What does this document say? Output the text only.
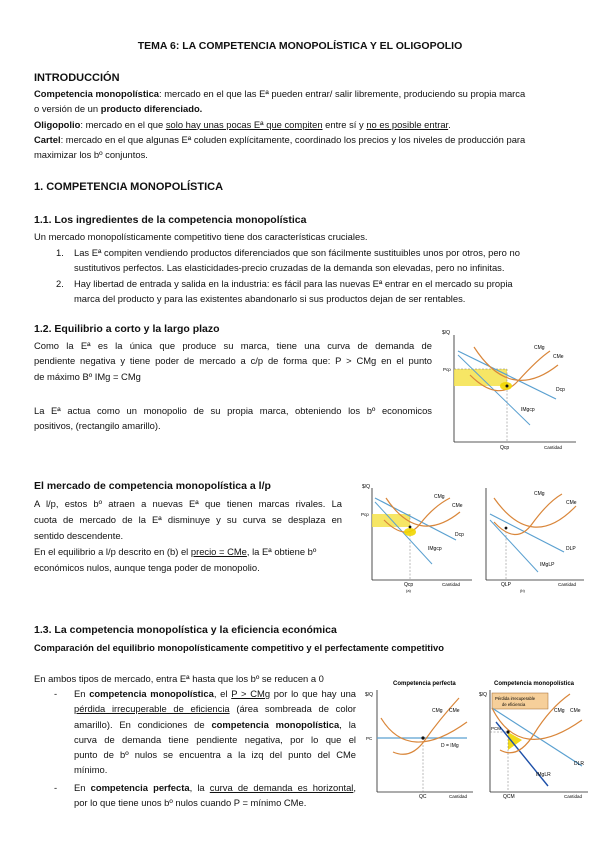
TEMA 6: LA COMPETENCIA MONOPOLÍSTICA Y EL OLIGOPOLIO
INTRODUCCIÓN
Competencia monopolística: mercado en el que las Eª pueden entrar/ salir libremente, produciendo su propia marca
o versión de un producto diferenciado.
Oligopolio: mercado en el que solo hay unas pocas Eª que compiten entre sí y no es posible entrar.
Cartel: mercado en el que algunas Eª coluden explícitamente, coordinado los precios y los niveles de producción para
maximizar los bº conjuntos.
1. COMPETENCIA MONOPOLÍSTICA
1.1. Los ingredientes de la competencia monopolística
Un mercado monopolísticamente competitivo tiene dos características cruciales.
1. Las Eª compiten vendiendo productos diferenciados que son fácilmente sustituibles unos por otros, pero no
sustitutivos perfectos. Las elasticidades-precio cruzadas de la demanda son elevadas, pero no infinitas.
2. Hay libertad de entrada y salida en la industria: es fácil para las nuevas Eª entrar en el mercado su propia
marca del producto y para las existentes abandonarlo si sus productos dejan de ser rentables.
1.2. Equilibrio a corto y la largo plazo
Como la Eª es la única que produce su marca, tiene una curva de demanda de
pendiente negativa y tiene poder de mercado a c/p de forma que: P > CMg en el punto
de máximo Bº IMg = CMg
La Eª actua como un monopolio de su propia marca, obteniendo los bº economicos
positivos, (rectangilo amarillo).
El mercado de competencia monopolística a l/p
A l/p, estos bº atraen a nuevas Eª que tienen marcas rivales. La
cuota de mercado de la Eª disminuye y su curva se desplaza en
sentido descendente.
En el equilibrio a l/p descrito en (b) el precio = CMe, la Eª obtiene bº
económicos nulos, aunque tenga poder de monopolio.
1.3. La competencia monopolística y la eficiencia económica
Comparación del equilibrio monopolísticamente competitivo y el perfectamente competitivo
En ambos tipos de mercado, entra Eª hasta que los bº se reducen a 0
- En competencia monopolística, el P > CMg por lo que hay una
pérdida irrecuperable de eficiencia (área sombreada de color
amarillo). En condiciones de competencia monopolística, la
curva de demanda tiene pendiente negativa, por lo que el
punto de bº nulos se encuentra a la izq del punto del CMe
mínimo.
- En competencia perfecta, la curva de demanda es horizontal,
por lo que tiene unos bº nulos cuando P = mínimo CMe.
$/Q
CMg
CMe
Dcp
IMgcp
Pcp
Qcp	Cantidad
$/Q
CMg
CMe
Dcp
IMgcp
Pcp
Qcp
(a)
Cantidad
CMg
CMe
DLP
IMgLP
QLP
(b)
Cantidad
Competencia perfecta
$/Q
CMg CMe
D = IMg
PC
QC	Cantidad
Competencia monopolística
$/Q
Pérdida irrecuperable
de eficiencia
CMg CMe
PCM
DLR
IMgLR
QCM	Cantidad
